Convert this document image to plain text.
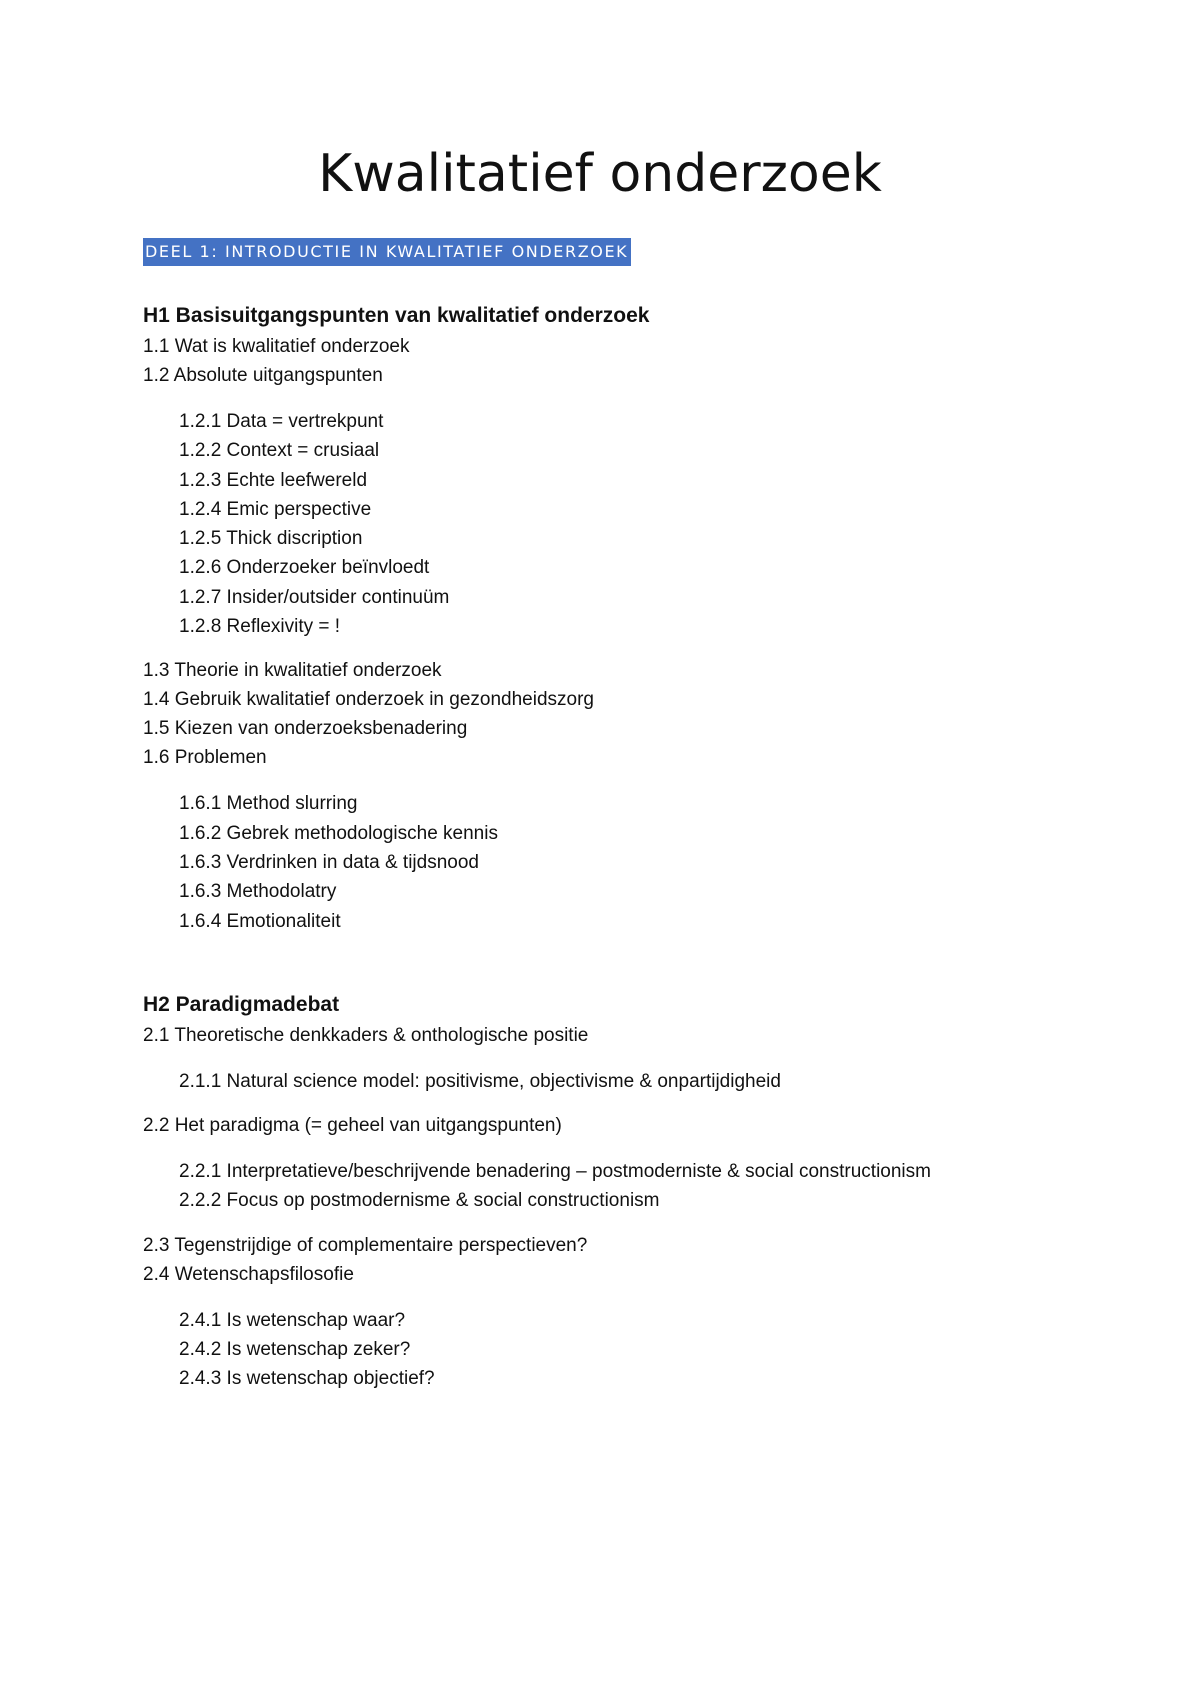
Kwalitatief onderzoek
DEEL 1: INTRODUCTIE IN KWALITATIEF ONDERZOEK
H1 Basisuitgangspunten van kwalitatief onderzoek
1.1 Wat is kwalitatief onderzoek
1.2 Absolute uitgangspunten
1.2.1 Data = vertrekpunt
1.2.2 Context = crusiaal
1.2.3 Echte leefwereld
1.2.4 Emic perspective
1.2.5 Thick discription
1.2.6 Onderzoeker beïnvloedt
1.2.7 Insider/outsider continuüm
1.2.8 Reflexivity = !
1.3 Theorie in kwalitatief onderzoek
1.4 Gebruik kwalitatief onderzoek in gezondheidszorg
1.5 Kiezen van onderzoeksbenadering
1.6 Problemen
1.6.1 Method slurring
1.6.2 Gebrek methodologische kennis
1.6.3 Verdrinken in data & tijdsnood
1.6.3 Methodolatry
1.6.4 Emotionaliteit
H2 Paradigmadebat
2.1 Theoretische denkkaders & onthologische positie
2.1.1 Natural science model: positivisme, objectivisme & onpartijdigheid
2.2 Het paradigma (= geheel van uitgangspunten)
2.2.1 Interpretatieve/beschrijvende benadering – postmoderniste & social constructionism
2.2.2 Focus op postmodernisme & social constructionism
2.3 Tegenstrijdige of complementaire perspectieven?
2.4 Wetenschapsfilosofie
2.4.1 Is wetenschap waar?
2.4.2 Is wetenschap zeker?
2.4.3 Is wetenschap objectief?
